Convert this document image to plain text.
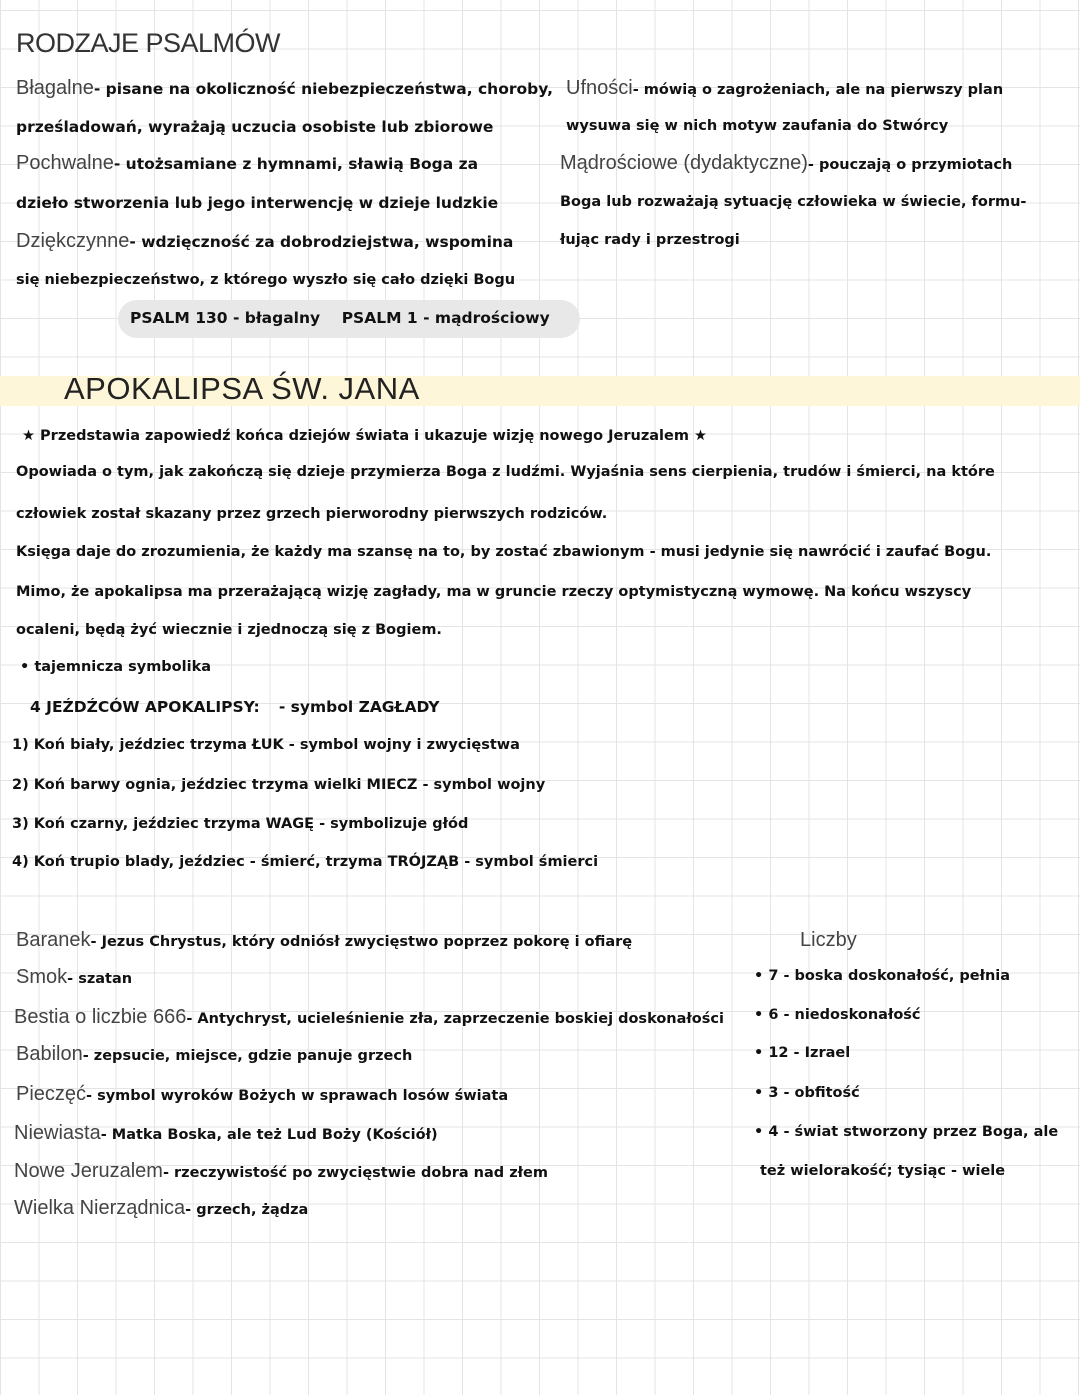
RODZAJE PSALMÓW
Błagalne- pisane na okoliczność niebezpieczeństwa, choroby,
prześladowań, wyrażają uczucia osobiste lub zbiorowe
Pochwalne- utożsamiane z hymnami, sławią Boga za
dzieło stworzenia lub jego interwencję w dzieje ludzkie
Dziękczynne- wdzięczność za dobrodziejstwa, wspomina
się niebezpieczeństwo, z którego wyszło się cało dzięki Bogu
Ufności- mówią o zagrożeniach, ale na pierwszy plan
wysuwa się w nich motyw zaufania do Stwórcy
Mądrościowe (dydaktyczne)- pouczają o przymiotach
Boga lub rozważają sytuację człowieka w świecie, formu-
łując rady i przestrogi
PSALM 130 - błagalny    PSALM 1 - mądrościowy
APOKALIPSA ŚW. JANA
★ Przedstawia zapowiedź końca dziejów świata i ukazuje wizję nowego Jeruzalem ★
Opowiada o tym, jak zakończą się dzieje przymierza Boga z ludźmi. Wyjaśnia sens cierpienia, trudów i śmierci, na które
człowiek został skazany przez grzech pierworodny pierwszych rodziców.
Księga daje do zrozumienia, że każdy ma szansę na to, by zostać zbawionym - musi jedynie się nawrócić i zaufać Bogu.
Mimo, że apokalipsa ma przerażającą wizję zagłady, ma w gruncie rzeczy optymistyczną wymowę. Na końcu wszyscy
ocaleni, będą żyć wiecznie i zjednoczą się z Bogiem.
• tajemnicza symbolika
4 JEŹDŹCÓW APOKALIPSY: - symbol ZAGŁADY
1) Koń biały, jeździec trzyma ŁUK - symbol wojny i zwycięstwa
2) Koń barwy ognia, jeździec trzyma wielki MIECZ - symbol wojny
3) Koń czarny, jeździec trzyma WAGĘ - symbolizuje głód
4) Koń trupio blady, jeździec - śmierć, trzyma TRÓJZĄB - symbol śmierci
Baranek- Jezus Chrystus, który odniósł zwycięstwo poprzez pokorę i ofiarę
Smok- szatan
Bestia o liczbie 666- Antychryst, ucieleśnienie zła, zaprzeczenie boskiej doskonałości
Babilon- zepsucie, miejsce, gdzie panuje grzech
Pieczęć- symbol wyroków Bożych w sprawach losów świata
Niewiasta- Matka Boska, ale też Lud Boży (Kościół)
Nowe Jeruzalem- rzeczywistość po zwycięstwie dobra nad złem
Wielka Nierządnica- grzech, żądza
Liczby
• 7 - boska doskonałość, pełnia
• 6 - niedoskonałość
• 12 - Izrael
• 3 - obfitość
• 4 - świat stworzony przez Boga, ale
też wielorakość; tysiąc - wiele
